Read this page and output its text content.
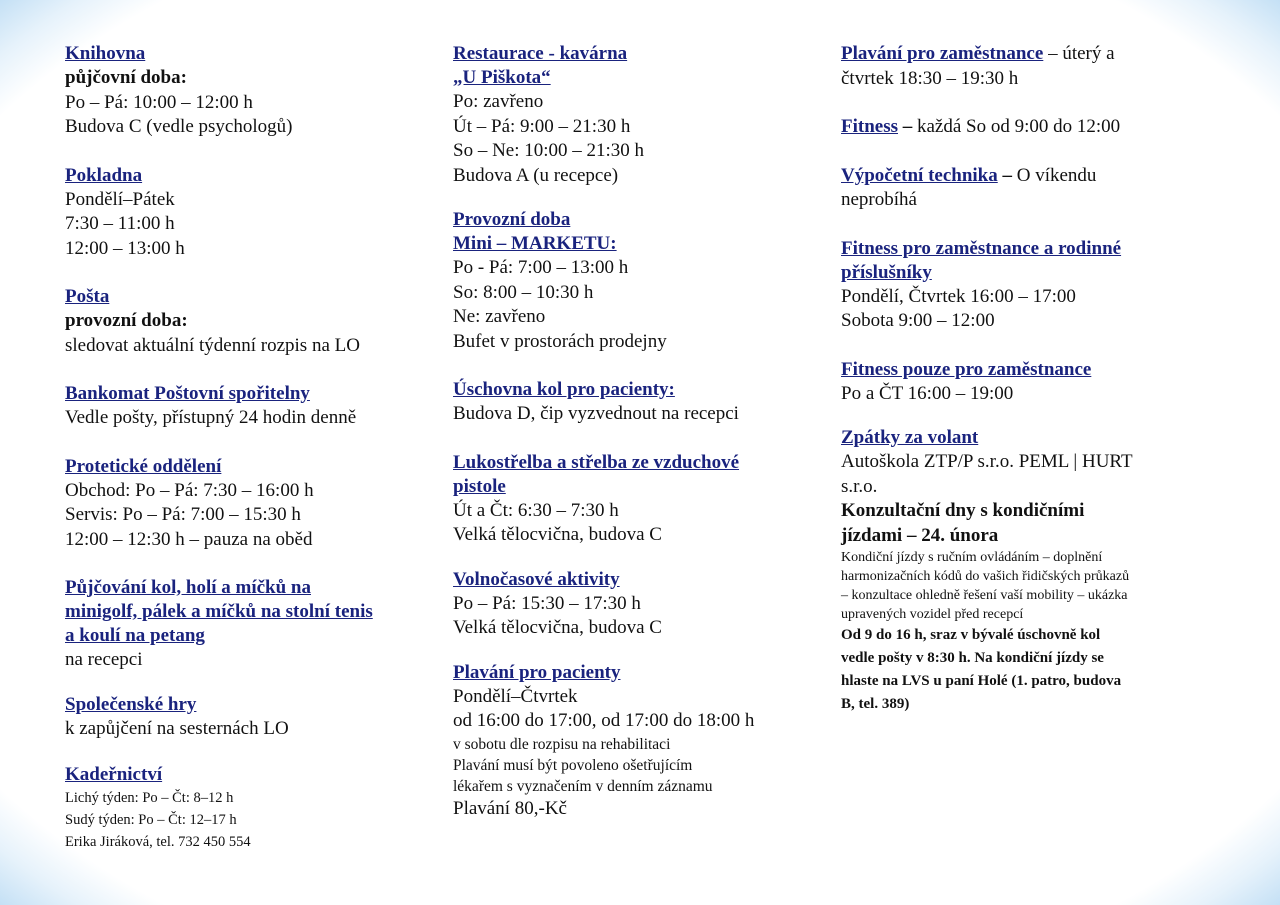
Knihovna
půjčovní doba:
Po – Pá: 10:00 – 12:00 h
Budova C (vedle psychologů)
Pokladna
Pondělí–Pátek
7:30 – 11:00 h
12:00 – 13:00 h
Pošta
provozní doba:
sledovat aktuální týdenní rozpis na LO
Bankomat Poštovní spořitelny
Vedle pošty, přístupný 24 hodin denně
Protetické oddělení
Obchod: Po – Pá: 7:30 – 16:00 h
Servis: Po – Pá: 7:00 – 15:30 h
12:00 – 12:30 h – pauza na oběd
Půjčování kol, holí a míčků na
minigolf, pálek a míčků na stolní tenis
a koulí na petang
na recepci
Společenské hry
k zapůjčení na sesternách LO
Kadeřnictví
Lichý týden: Po – Čt: 8–12 h
Sudý týden: Po – Čt: 12–17 h
Erika Jiráková, tel. 732 450 554
Restaurace - kavárna
„U Piškota“
Po: zavřeno
Út – Pá: 9:00 – 21:30 h
So – Ne: 10:00 – 21:30 h
Budova A (u recepce)
Provozní doba
Mini – MARKETU:
Po - Pá: 7:00 – 13:00 h
So: 8:00 – 10:30 h
Ne: zavřeno
Bufet v prostorách prodejny
Úschovna kol pro pacienty:
Budova D, čip vyzvednout na recepci
Lukostřelba a střelba ze vzduchové
pistole
Út a Čt: 6:30 – 7:30 h
Velká tělocvična, budova C
Volnočasové aktivity
Po – Pá: 15:30 – 17:30 h
Velká tělocvična, budova C
Plavání pro pacienty
Pondělí–Čtvrtek
od 16:00 do 17:00, od 17:00 do 18:00 h
v sobotu dle rozpisu na rehabilitaci
Plavání musí být povoleno ošetřujícím
lékařem s vyznačením v denním záznamu
Plavání 80,-Kč
Plavání pro zaměstnance – úterý a
čtvrtek 18:30 – 19:30 h
Fitness – každá So od 9:00 do 12:00
Výpočetní technika – O víkendu
neprobíhá
Fitness pro zaměstnance a rodinné
příslušníky
Pondělí, Čtvrtek 16:00 – 17:00
Sobota 9:00 – 12:00
Fitness pouze pro zaměstnance
Po a ČT 16:00 – 19:00
Zpátky za volant
Autoškola ZTP/P s.r.o. PEML | HURT
s.r.o.
Konzultační dny s kondičními
jízdami – 24. února
Kondiční jízdy s ručním ovládáním – doplnění
harmonizačních kódů do vašich řidičských průkazů
– konzultace ohledně řešení vaší mobility – ukázka
upravených vozidel před recepcí
Od 9 do 16 h, sraz v bývalé úschovně kol
vedle pošty v 8:30 h. Na kondiční jízdy se
hlaste na LVS u paní Holé (1. patro, budova
B, tel. 389)
